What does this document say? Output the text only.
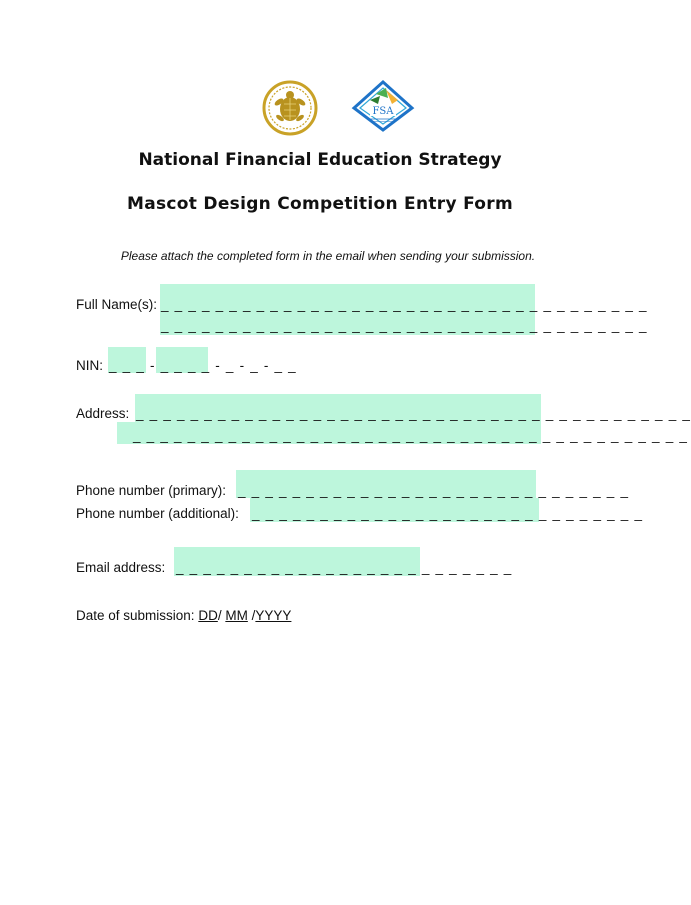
FSA
National Financial Education Strategy
Mascot Design Competition Entry Form
Please attach the completed form in the email when sending your submission.
Full Name(s): _ _ _ _ _ _ _ _ _ _ _ _ _ _ _ _ _ _ _ _ _ _ _ _ _ _ _ _ _ _ _ _ _ _ _ _
_ _ _ _ _ _ _ _ _ _ _ _ _ _ _ _ _ _ _ _ _ _ _ _ _ _ _ _ _ _ _ _ _ _ _ _
NIN: _ _ _ - _ _ _ _ - _ - _ - _ _
Address: _ _ _ _ _ _ _ _ _ _ _ _ _ _ _ _ _ _ _ _ _ _ _ _ _ _ _ _ _ _ _ _ _ _ _ _ _ _ _ _ _
_ _ _ _ _ _ _ _ _ _ _ _ _ _ _ _ _ _ _ _ _ _ _ _ _ _ _ _ _ _ _ _ _ _ _ _ _ _ _ _ _
Phone number (primary): _ _ _ _ _ _ _ _ _ _ _ _ _ _ _ _ _ _ _ _ _ _ _ _ _ _ _ _ _
Phone number (additional): _ _ _ _ _ _ _ _ _ _ _ _ _ _ _ _ _ _ _ _ _ _ _ _ _ _ _ _ _
Email address: _ _ _ _ _ _ _ _ _ _ _ _ _ _ _ _ _ _ _ _ _ _ _ _ _
Date of submission: DD/ MM /YYYY
